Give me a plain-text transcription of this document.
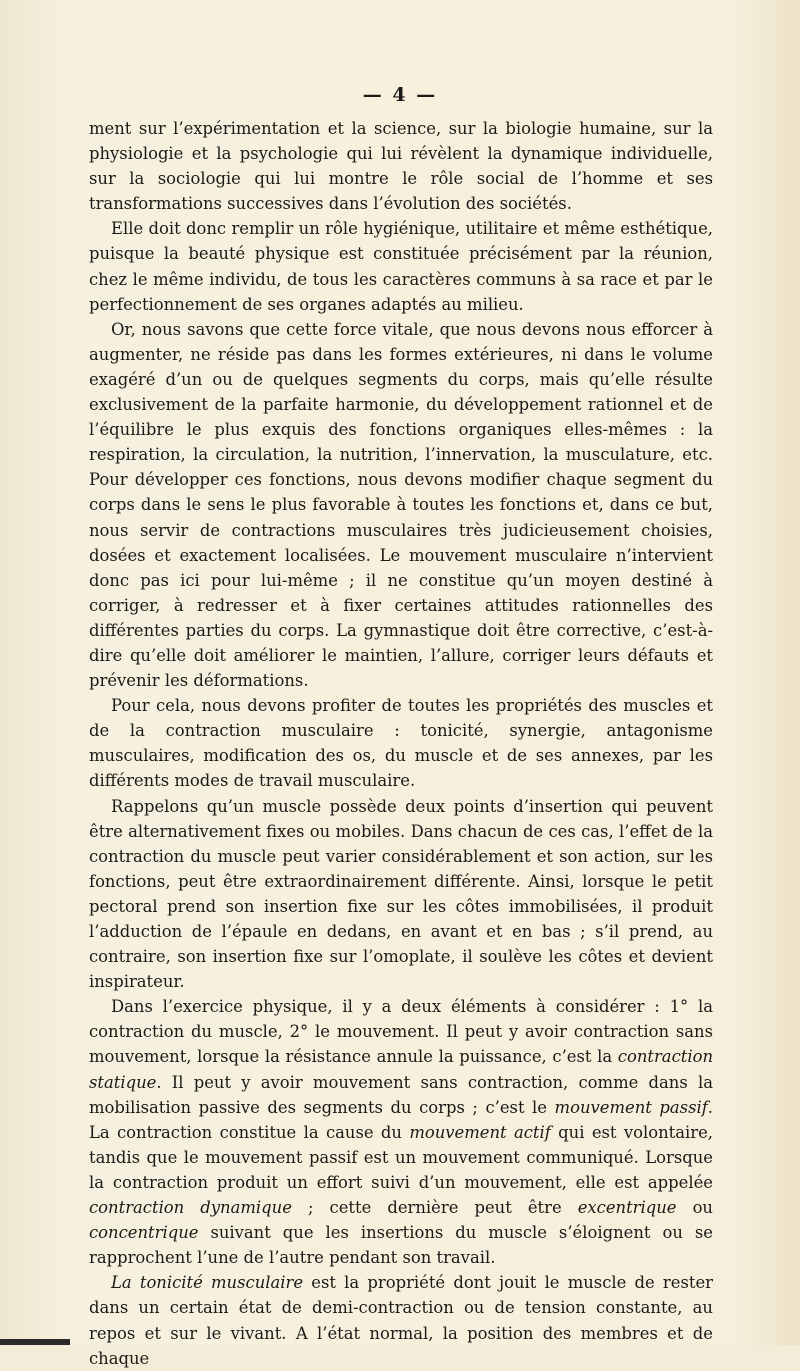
— 4 —

ment sur l’expérimentation et la science, sur la biologie humaine, sur la physiologie et la psychologie qui lui révèlent la dynamique individuelle, sur la sociologie qui lui montre le rôle social de l’homme et ses transformations successives dans l’évolution des sociétés.

Elle doit donc remplir un rôle hygiénique, utilitaire et même esthétique, puisque la beauté physique est constituée précisément par la réunion, chez le même individu, de tous les caractères communs à sa race et par le perfectionnement de ses organes adaptés au milieu.

Or, nous savons que cette force vitale, que nous devons nous efforcer à augmenter, ne réside pas dans les formes extérieures, ni dans le volume exagéré d’un ou de quelques segments du corps, mais qu’elle résulte exclusivement de la parfaite harmonie, du développement rationnel et de l’équilibre le plus exquis des fonctions organiques elles-mêmes : la respiration, la circulation, la nutrition, l’innervation, la musculature, etc. Pour développer ces fonctions, nous devons modifier chaque segment du corps dans le sens le plus favorable à toutes les fonctions et, dans ce but, nous servir de contractions musculaires très judicieusement choisies, dosées et exactement localisées. Le mouvement musculaire n’intervient donc pas ici pour lui-même ; il ne constitue qu’un moyen destiné à corriger, à redresser et à fixer certaines attitudes rationnelles des différentes parties du corps. La gymnastique doit être corrective, c’est-à-dire qu’elle doit améliorer le maintien, l’allure, corriger leurs défauts et prévenir les déformations.

Pour cela, nous devons profiter de toutes les propriétés des muscles et de la contraction musculaire : tonicité, synergie, antagonisme musculaires, modification des os, du muscle et de ses annexes, par les différents modes de travail musculaire.

Rappelons qu’un muscle possède deux points d’insertion qui peuvent être alternativement fixes ou mobiles. Dans chacun de ces cas, l’effet de la contraction du muscle peut varier considérablement et son action, sur les fonctions, peut être extraordinairement différente. Ainsi, lorsque le petit pectoral prend son insertion fixe sur les côtes immobilisées, il produit l’adduction de l’épaule en dedans, en avant et en bas ; s’il prend, au contraire, son insertion fixe sur l’omoplate, il soulève les côtes et devient inspirateur.

Dans l’exercice physique, il y a deux éléments à considérer : 1° la contraction du muscle, 2° le mouvement. Il peut y avoir contraction sans mouvement, lorsque la résistance annule la puissance, c’est la contraction statique. Il peut y avoir mouvement sans contraction, comme dans la mobilisation passive des segments du corps ; c’est le mouvement passif. La contraction constitue la cause du mouvement actif qui est volontaire, tandis que le mouvement passif est un mouvement communiqué. Lorsque la contraction produit un effort suivi d’un mouvement, elle est appelée contraction dynamique ; cette dernière peut être excentrique ou concentrique suivant que les insertions du muscle s’éloignent ou se rapprochent l’une de l’autre pendant son travail.

La tonicité musculaire est la propriété dont jouit le muscle de rester dans un certain état de demi-contraction ou de tension constante, au repos et sur le vivant. A l’état normal, la position des membres et de chaque
